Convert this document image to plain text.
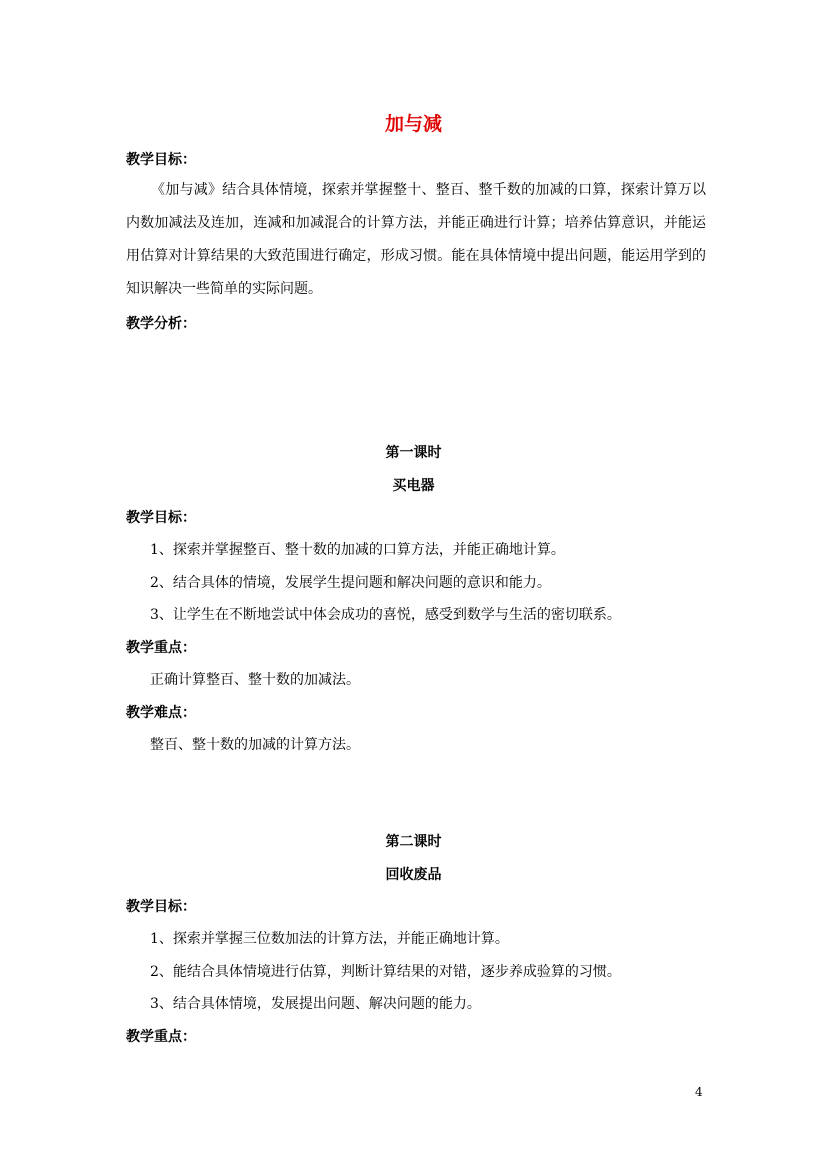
加与减
教学目标：
《加与减》结合具体情境，探索并掌握整十、整百、整千数的加减的口算，探索计算万以内数加减法及连加，连减和加减混合的计算方法，并能正确进行计算；培养估算意识，并能运用估算对计算结果的大致范围进行确定，形成习惯。能在具体情境中提出问题，能运用学到的知识解决一些简单的实际问题。
教学分析：
第一课时
买电器
教学目标：
1、探索并掌握整百、整十数的加减的口算方法，并能正确地计算。
2、结合具体的情境，发展学生提问题和解决问题的意识和能力。
3、让学生在不断地尝试中体会成功的喜悦，感受到数学与生活的密切联系。
教学重点：
正确计算整百、整十数的加减法。
教学难点：
整百、整十数的加减的计算方法。
第二课时
回收废品
教学目标：
1、探索并掌握三位数加法的计算方法，并能正确地计算。
2、能结合具体情境进行估算，判断计算结果的对错，逐步养成验算的习惯。
3、结合具体情境，发展提出问题、解决问题的能力。
教学重点：
4
